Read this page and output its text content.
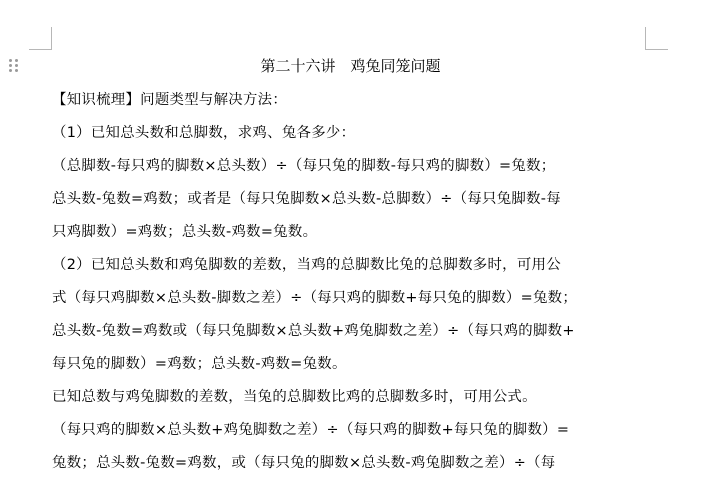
第二十六讲　鸡兔同笼问题
【知识梳理】问题类型与解决方法：
（1）已知总头数和总脚数，求鸡、兔各多少：
（总脚数-每只鸡的脚数×总头数）÷（每只兔的脚数-每只鸡的脚数）=兔数；
总头数-兔数=鸡数；或者是（每只兔脚数×总头数-总脚数）÷（每只兔脚数-每
只鸡脚数）=鸡数；总头数-鸡数=兔数。
（2）已知总头数和鸡兔脚数的差数，当鸡的总脚数比兔的总脚数多时，可用公
式（每只鸡脚数×总头数-脚数之差）÷（每只鸡的脚数+每只兔的脚数）=兔数；
总头数-兔数=鸡数或（每只兔脚数×总头数+鸡兔脚数之差）÷（每只鸡的脚数+
每只兔的脚数）=鸡数；总头数-鸡数=兔数。
已知总数与鸡兔脚数的差数，当兔的总脚数比鸡的总脚数多时，可用公式。
（每只鸡的脚数×总头数+鸡兔脚数之差）÷（每只鸡的脚数+每只兔的脚数）=
兔数；总头数-兔数=鸡数，或（每只兔的脚数×总头数-鸡兔脚数之差）÷（每
